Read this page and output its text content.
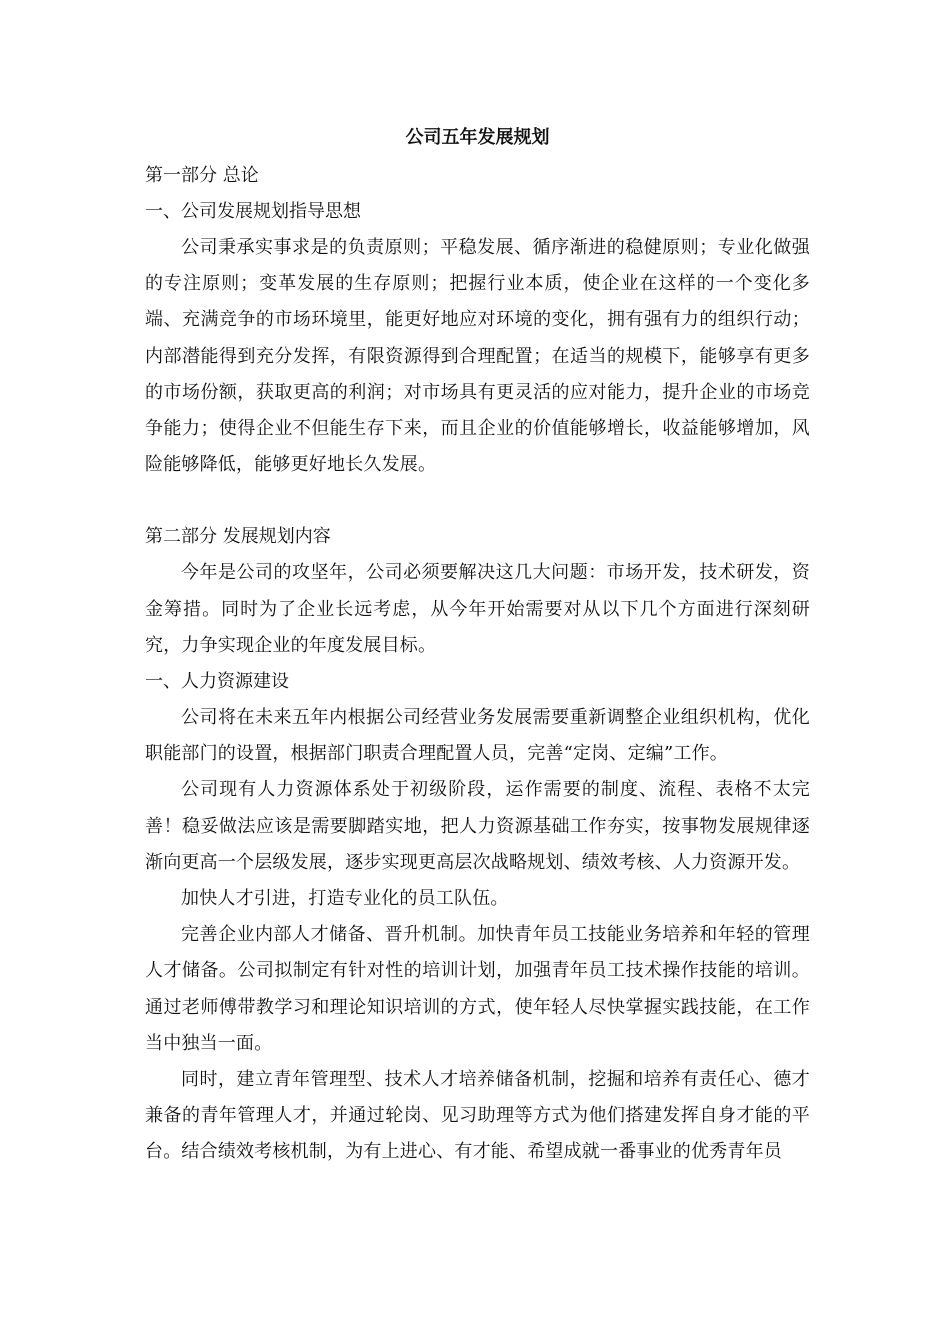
公司五年发展规划

第一部分 总论

一、公司发展规划指导思想

公司秉承实事求是的负责原则；平稳发展、循序渐进的稳健原则；专业化做强的专注原则；变革发展的生存原则；把握行业本质，使企业在这样的一个变化多端、充满竞争的市场环境里，能更好地应对环境的变化，拥有强有力的组织行动；内部潜能得到充分发挥，有限资源得到合理配置；在适当的规模下，能够享有更多的市场份额，获取更高的利润；对市场具有更灵活的应对能力，提升企业的市场竞争能力；使得企业不但能生存下来，而且企业的价值能够增长，收益能够增加，风险能够降低，能够更好地长久发展。

第二部分 发展规划内容

今年是公司的攻坚年，公司必须要解决这几大问题：市场开发，技术研发，资金筹措。同时为了企业长远考虑，从今年开始需要对从以下几个方面进行深刻研究，力争实现企业的年度发展目标。

一、人力资源建设

公司将在未来五年内根据公司经营业务发展需要重新调整企业组织机构，优化职能部门的设置，根据部门职责合理配置人员，完善“定岗、定编”工作。

公司现有人力资源体系处于初级阶段，运作需要的制度、流程、表格不太完善！稳妥做法应该是需要脚踏实地，把人力资源基础工作夯实，按事物发展规律逐渐向更高一个层级发展，逐步实现更高层次战略规划、绩效考核、人力资源开发。

加快人才引进，打造专业化的员工队伍。

完善企业内部人才储备、晋升机制。加快青年员工技能业务培养和年轻的管理人才储备。公司拟制定有针对性的培训计划，加强青年员工技术操作技能的培训。通过老师傅带教学习和理论知识培训的方式，使年轻人尽快掌握实践技能，在工作当中独当一面。

同时，建立青年管理型、技术人才培养储备机制，挖掘和培养有责任心、德才兼备的青年管理人才，并通过轮岗、见习助理等方式为他们搭建发挥自身才能的平台。结合绩效考核机制，为有上进心、有才能、希望成就一番事业的优秀青年员
